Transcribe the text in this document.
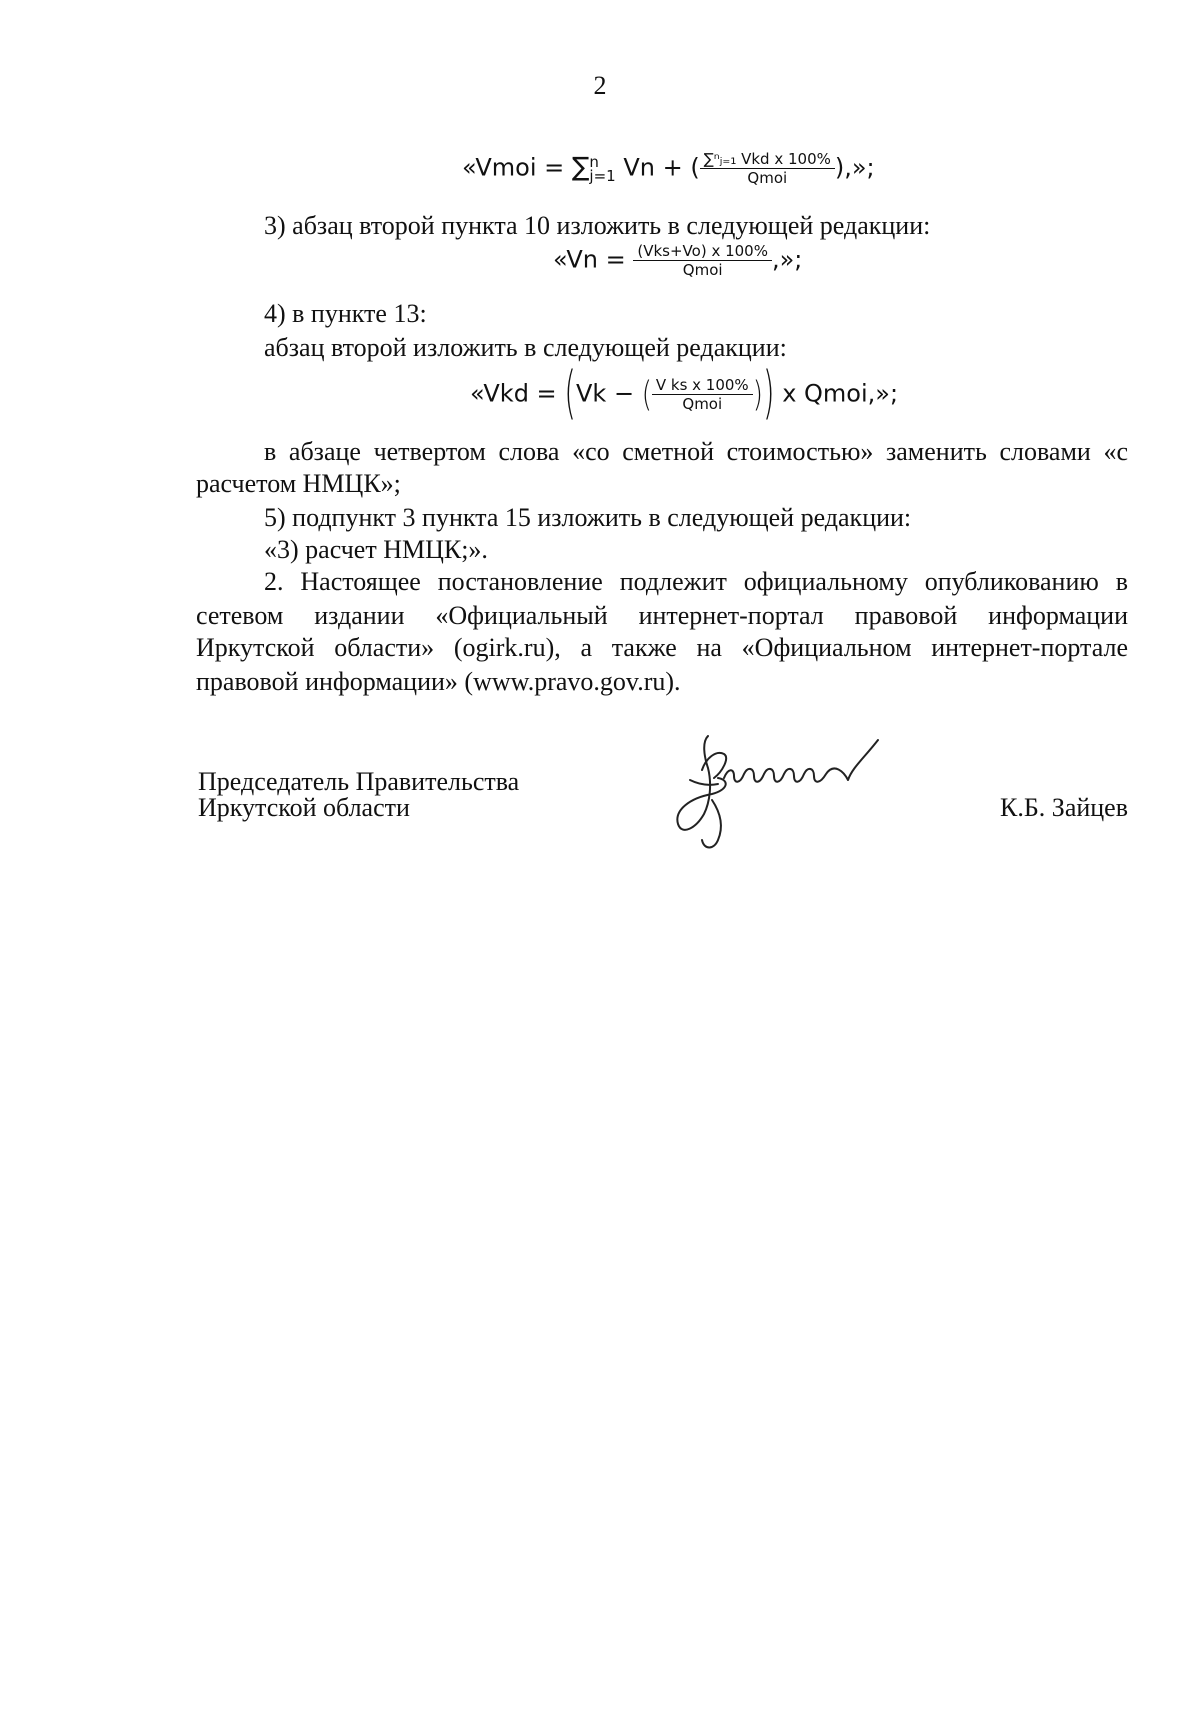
2
«Vmoi = ∑ n
j=1 Vn + ( $\frac{\text{∑ⁿⱼ₌₁ Vkd x 100\%}}{\text{Qmoi}}$ ),»;
3) абзац второй пункта 10 изложить в следующей редакции:
«$Vn = \frac{\text{(Vks+Vo) x 100\%}}{\text{Qmoi}}$ ,»;
4) в пункте 13:
абзац второй изложить в следующей редакции:
«Vkd = (Vk − ( $\frac{\text{V ks x 100\%}}{\text{Qmoi}}$ )) x Qmoi,»;
в абзаце четвертом слова «со сметной стоимостью» заменить словами «с
расчетом НМЦК»;
5) подпункт 3 пункта 15 изложить в следующей редакции:
«3) расчет НМЦК;».
2. Настоящее постановление подлежит официальному опубликованию в
сетевом издании «Официальный интернет-портал правовой информации
Иркутской области» (ogirk.ru), а также на «Официальном интернет-портале
правовой информации» (www.pravo.gov.ru).
Председатель Правительства
Иркутской области	К.Б. Зайцев
